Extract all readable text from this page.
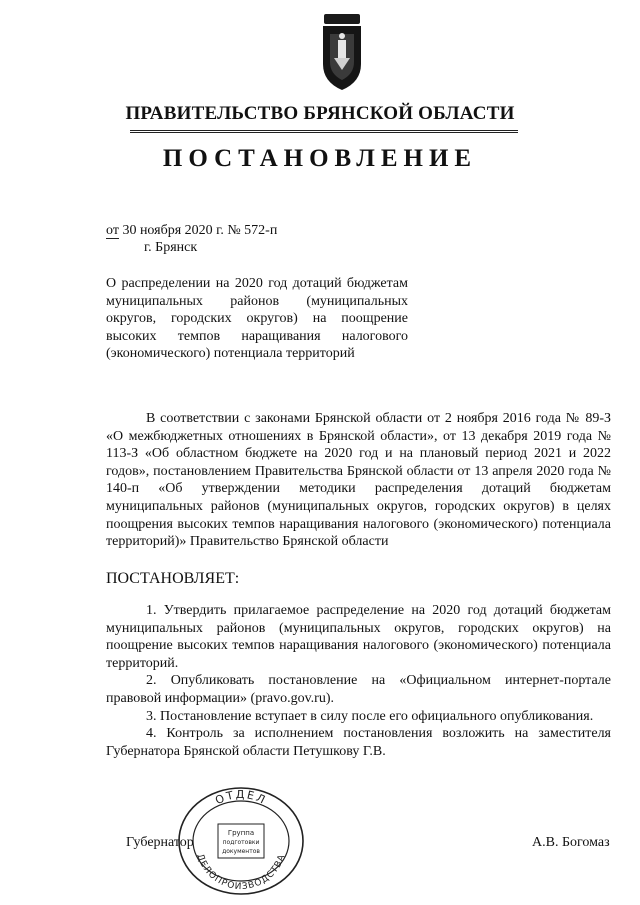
ПРАВИТЕЛЬСТВО БРЯНСКОЙ ОБЛАСТИ
ПОСТАНОВЛЕНИЕ
от 30 ноября 2020 г. № 572-п
г. Брянск
О распределении на 2020 год дотаций бюджетам муниципальных районов (муниципальных округов, городских округов) на поощрение высоких темпов наращивания налогового (экономического) потенциала территорий

В соответствии с законами Брянской области от 2 ноября 2016 года № 89-З «О межбюджетных отношениях в Брянской области», от 13 декабря 2019 года № 113-З «Об областном бюджете на 2020 год и на плановый период 2021 и 2022 годов», постановлением Правительства Брянской области от 13 апреля 2020 года № 140-п «Об утверждении методики распределения дотаций бюджетам муниципальных районов (муниципальных округов, городских округов) в целях поощрения высоких темпов наращивания налогового (экономического) потенциала территорий)» Правительство Брянской области

ПОСТАНОВЛЯЕТ:

1. Утвердить прилагаемое распределение на 2020 год дотаций бюджетам муниципальных районов (муниципальных округов, городских округов) на поощрение высоких темпов наращивания налогового (экономического) потенциала территорий.

2. Опубликовать постановление на «Официальном интернет-портале правовой информации» (pravo.gov.ru).

3. Постановление вступает в силу после его официального опубликования.

4. Контроль за исполнением постановления возложить на заместителя Губернатора Брянской области Петушкову Г.В.

Губернатор	А.В. Богомаз
ОТДЕЛ
ДЕЛОПРОИЗВОДСТВА
Группа
подготовки
документов
